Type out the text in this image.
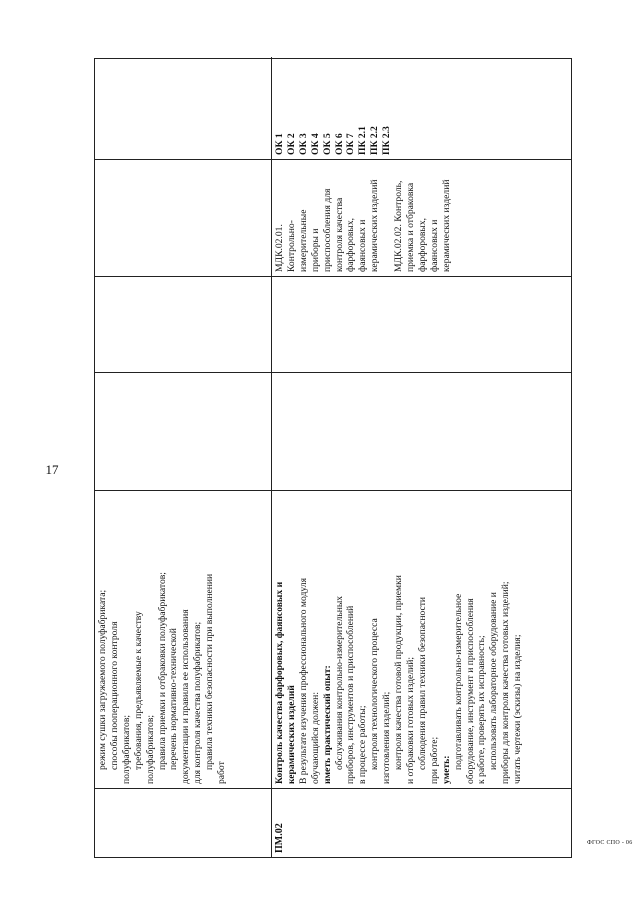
17
режим сушки загружаемого полуфабриката; способы пооперационного контроля полуфабрикатов; требования, предъявляемые к качеству полуфабрикатов; правила приемки и отбраковки полуфабрикатов; перечень нормативно-технической документации и правила ее использования для контроля качества полуфабрикатов; правила техники безопасности при выполнении
работ
ПМ.02
Контроль качества фарфоровых, фаянсовых и керамических изделий В результате изучения профессионального модуля обучающийся должен: иметь практический опыт: обслуживания контрольно-измерительных приборов, инструментов и приспособлений в процессе работы; контроля технологического процесса изготовления изделий; контроля качества готовой продукции, приемки и отбраковки готовых изделий; соблюдения правил техники безопасности при работе; уметь: подготавливать контрольно-измерительное оборудование, инструмент и приспособления к работе, проверять их исправность; использовать лабораторное оборудование и приборы для контроля качества готовых изделий; читать чертежи (эскизы) на изделия;
МДК.02.01. Контрольно- измерительные приборы и приспособления для контроля качества фарфоровых, фаянсовых и керамических изделий МДК.02.02. Контроль, приемка и отбраковка фарфоровых, фаянсовых и керамических изделий
ОК 1 ОК 2 ОК 3 ОК 4 ОК 5 ОК 6 ОК 7 ПК 2.1 ПК 2.2 ПК 2.3
ФГОС СПО - 06
